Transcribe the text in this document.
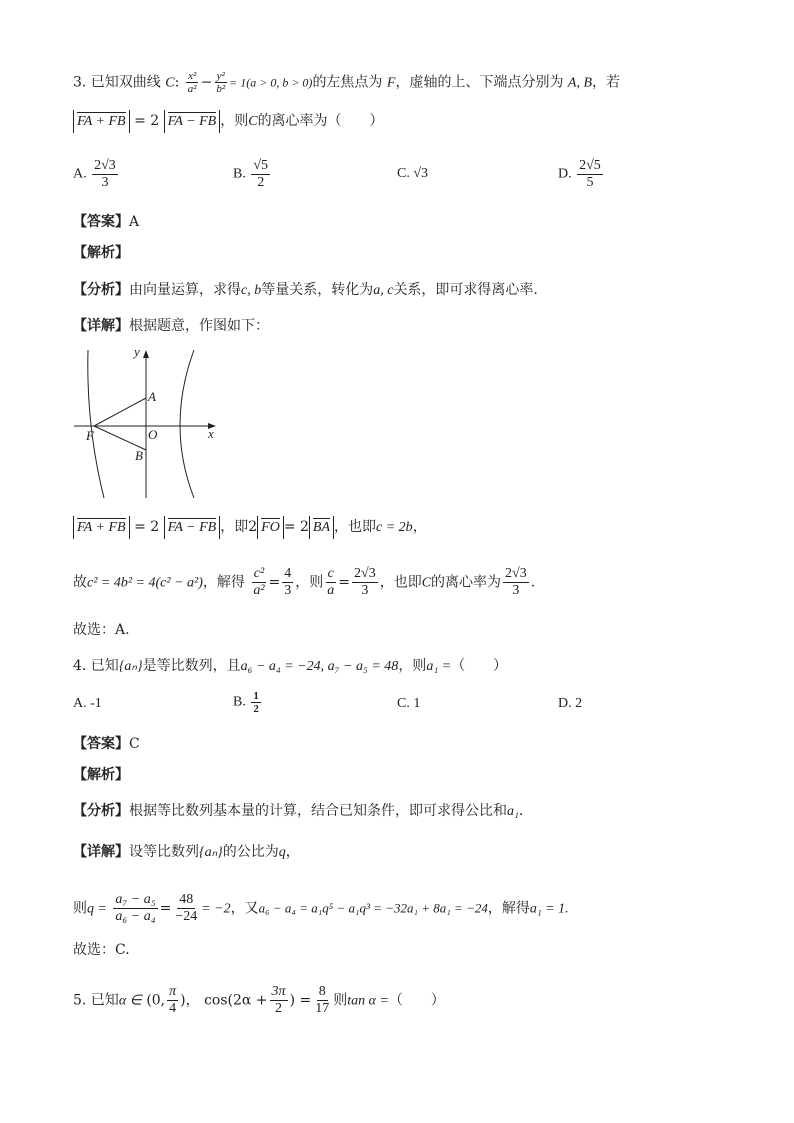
3. 已知双曲线 C: $\frac{\text{x²}}{\text{a²}} - \frac{\text{y²}}{\text{b²}} = 1(a > 0$, b > 0)的左焦点为 F，虚轴的上、下端点分别为 A, B，若
FA + FB = 2 FA − FB ，则C的离心率为（　　）
A. $\frac{2√3}{3}$	B. $\frac{√5}{2}$	C. √3	D. $\frac{2√5}{5}$
【答案】A
【解析】
【分析】由向量运算，求得c, b等量关系，转化为a, c关系，即可求得离心率.
【详解】根据题意，作图如下：
y
x
A
B
O
F
FA + FB = 2 FA − FB ，即2 FO = 2 BA ，也即c = 2b，
故c² = 4b² = 4(c² − a²)，解得 $\frac{\text{c²}}{\text{a²}} = \frac{4}{3}$ ，则 $\frac{c}{a} = \frac{2√3}{3}$ ，也即C的离心率为 $\frac{2√3}{3}$ .
故选：A.
4. 已知{aₙ}是等比数列，且a₆ − a₄ = −24, a₇ − a₅ = 48，则a₁ =（　　）
A. -1	B. $\frac{1}{2}$	C. 1	D. 2
【答案】C
【解析】
【分析】根据等比数列基本量的计算，结合已知条件，即可求得公比和a₁.
【详解】设等比数列{aₙ}的公比为q，
则$q = \frac{\text{a₇ − a₅}}{\text{a₆ − a₄}} = \frac{48}{-24} = -2$，又a₆ − a₄ = a₁q⁵ − a₁q³ = −32a₁ + 8a₁ = −24，解得a₁ = 1.
故选：C.
5. 已知α ∈ (0, $\frac{\pi}{4}$ )， $\cos(2\alpha + \frac{3\pi}{2}$ ) = $\frac{8}{17}$ 则tan α =（　　）
